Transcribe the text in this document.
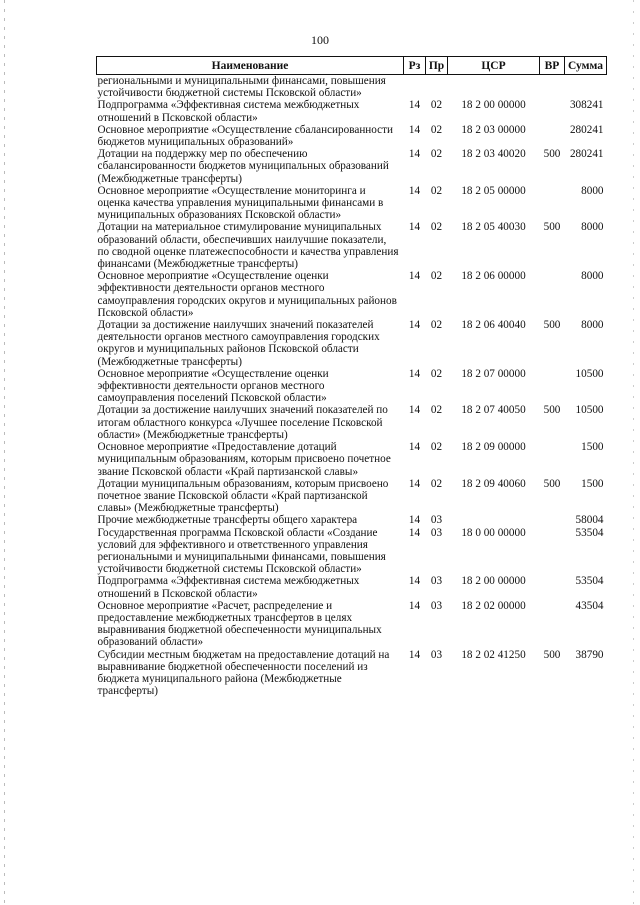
100
Наименование	Рз	Пр	ЦСР	ВР	Сумма
региональными и муниципальными финансами, повышения устойчивости бюджетной системы Псковской области»					
Подпрограмма «Эффективная система межбюджетных отношений в Псковской области»	14	02	18 2 00 00000		308241
Основное мероприятие «Осуществление сбалансированности бюджетов муниципальных образований»	14	02	18 2 03 00000		280241
Дотации на поддержку мер по обеспечению сбалансированности бюджетов муниципальных образований (Межбюджетные трансферты)	14	02	18 2 03 40020	500	280241
Основное мероприятие «Осуществление мониторинга и оценка качества управления муниципальными финансами в муниципальных образованиях Псковской области»	14	02	18 2 05 00000		8000
Дотации на материальное стимулирование муниципальных образований области, обеспечивших наилучшие показатели, по сводной оценке платежеспособности и качества управления финансами (Межбюджетные трансферты)	14	02	18 2 05 40030	500	8000
Основное мероприятие «Осуществление оценки эффективности деятельности органов местного самоуправления городских округов и муниципальных районов Псковской области»	14	02	18 2 06 00000		8000
Дотации за достижение наилучших значений показателей деятельности органов местного самоуправления городских округов и муниципальных районов Псковской области (Межбюджетные трансферты)	14	02	18 2 06 40040	500	8000
Основное мероприятие «Осуществление оценки эффективности деятельности органов местного самоуправления поселений Псковской области»	14	02	18 2 07 00000		10500
Дотации за достижение наилучших значений показателей по итогам областного конкурса «Лучшее поселение Псковской области» (Межбюджетные трансферты)	14	02	18 2 07 40050	500	10500
Основное мероприятие «Предоставление дотаций муниципальным образованиям, которым присвоено почетное звание Псковской области «Край партизанской славы»	14	02	18 2 09 00000		1500
Дотации муниципальным образованиям, которым присвоено почетное звание Псковской области «Край партизанской славы» (Межбюджетные трансферты)	14	02	18 2 09 40060	500	1500
Прочие межбюджетные трансферты общего характера	14	03			58004
Государственная программа Псковской области «Создание условий для эффективного и ответственного управления региональными и муниципальными финансами, повышения устойчивости бюджетной системы Псковской области»	14	03	18 0 00 00000		53504
Подпрограмма «Эффективная система межбюджетных отношений в Псковской области»	14	03	18 2 00 00000		53504
Основное мероприятие «Расчет, распределение и предоставление межбюджетных трансфертов в целях выравнивания бюджетной обеспеченности муниципальных образований области»	14	03	18 2 02 00000		43504
Субсидии местным бюджетам на предоставление дотаций на выравнивание бюджетной обеспеченности поселений из бюджета муниципального района (Межбюджетные трансферты)	14	03	18 2 02 41250	500	38790
